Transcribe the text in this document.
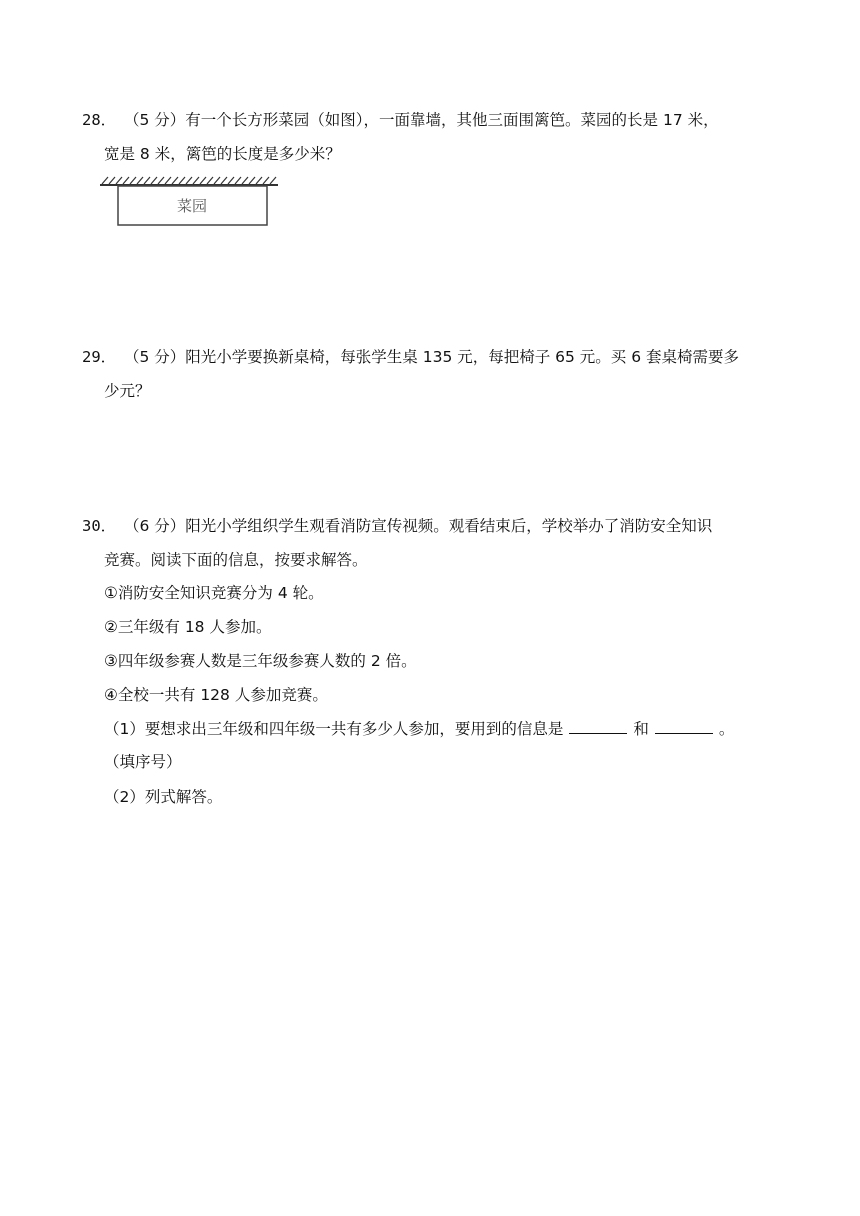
28． （5 分）有一个长方形菜园（如图），一面靠墙，其他三面围篱笆。菜园的长是 17 米，
宽是 8 米，篱笆的长度是多少米？
菜园
29． （5 分）阳光小学要换新桌椅，每张学生桌 135 元，每把椅子 65 元。买 6 套桌椅需要多
少元？
30． （6 分）阳光小学组织学生观看消防宣传视频。观看结束后，学校举办了消防安全知识
竞赛。阅读下面的信息，按要求解答。
①消防安全知识竞赛分为 4 轮。
②三年级有 18 人参加。
③四年级参赛人数是三年级参赛人数的 2 倍。
④全校一共有 128 人参加竞赛。
（1）要想求出三年级和四年级一共有多少人参加，要用到的信息是	和	。
（填序号）
（2）列式解答。
